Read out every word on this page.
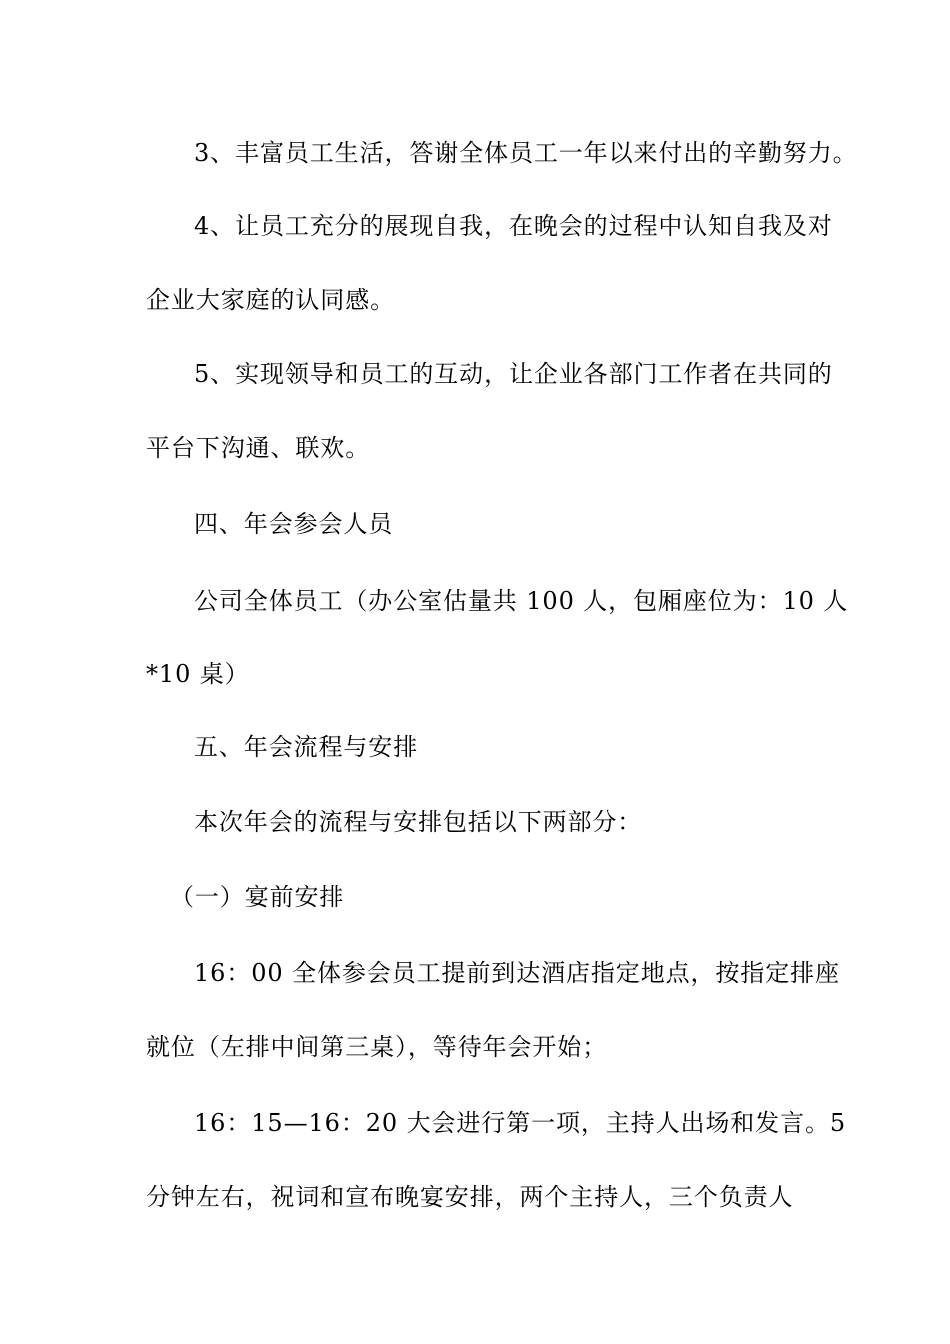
3、丰富员工生活，答谢全体员工一年以来付出的辛勤努力。
4、让员工充分的展现自我，在晚会的过程中认知自我及对
企业大家庭的认同感。
5、实现领导和员工的互动，让企业各部门工作者在共同的
平台下沟通、联欢。
四、年会参会人员
公司全体员工（办公室估量共 100 人，包厢座位为：10 人
*10 桌）
五、年会流程与安排
本次年会的流程与安排包括以下两部分：
（一）宴前安排
16：00 全体参会员工提前到达酒店指定地点，按指定排座
就位（左排中间第三桌），等待年会开始；
16：15—16：20 大会进行第一项，主持人出场和发言。5
分钟左右，祝词和宣布晚宴安排，两个主持人，三个负责人
